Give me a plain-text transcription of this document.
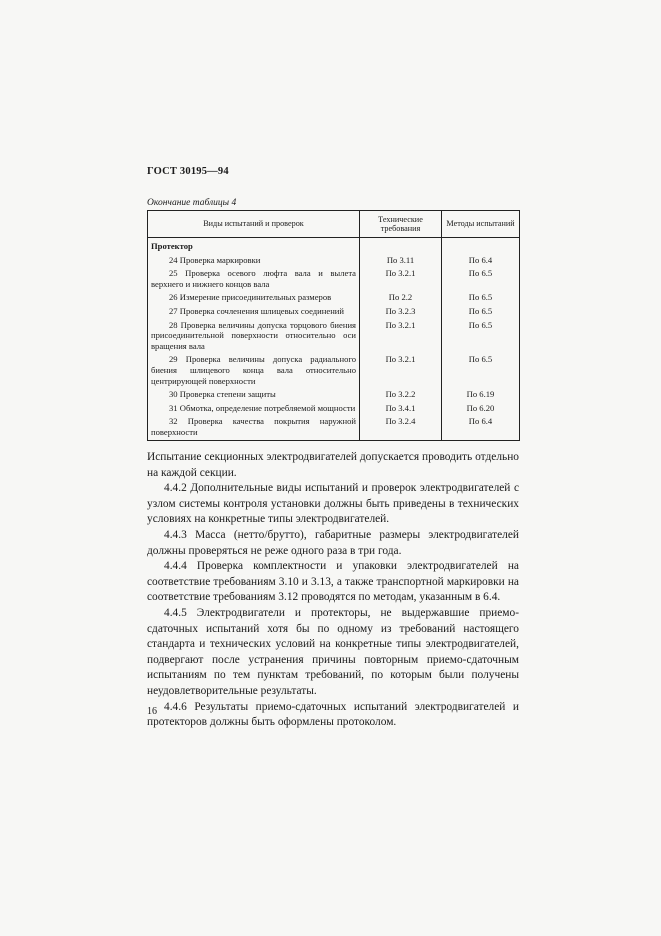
ГОСТ 30195—94
Окончание таблицы 4
Виды испытаний и проверок	Технические требования	Методы испытаний
Протектор		
24 Проверка маркировки	По 3.11	По 6.4
25 Проверка осевого люфта вала и вылета верхнего и нижнего концов вала	По 3.2.1	По 6.5
26 Измерение присоединительных размеров	По 2.2	По 6.5
27 Проверка сочленения шлицевых соединений	По 3.2.3	По 6.5
28 Проверка величины допуска торцового биения присоединительной поверхности относительно оси вращения вала	По 3.2.1	По 6.5
29 Проверка величины допуска радиального биения шлицевого конца вала относительно центрирующей поверхности	По 3.2.1	По 6.5
30 Проверка степени защиты	По 3.2.2	По 6.19
31 Обмотка, определение потребляемой мощности	По 3.4.1	По 6.20
32 Проверка качества покрытия наружной поверхности	По 3.2.4	По 6.4

Испытание секционных электродвигателей допускается проводить отдельно на каждой секции.

4.4.2 Дополнительные виды испытаний и проверок электродвигателей с узлом системы контроля установки должны быть приведены в технических условиях на конкретные типы электродвигателей.

4.4.3 Масса (нетто/брутто), габаритные размеры электродвигателей должны проверяться не реже одного раза в три года.

4.4.4 Проверка комплектности и упаковки электродвигателей на соответствие требованиям 3.10 и 3.13, а также транспортной маркировки на соответствие требованиям 3.12 проводятся по методам, указанным в 6.4.

4.4.5 Электродвигатели и протекторы, не выдержавшие приемо-сдаточных испытаний хотя бы по одному из требований настоящего стандарта и технических условий на конкретные типы электродвигателей, подвергают после устранения причины повторным приемо-сдаточным испытаниям по тем пунктам требований, по которым были получены неудовлетворительные результаты.

4.4.6 Результаты приемо-сдаточных испытаний электродвигателей и протекторов должны быть оформлены протоколом.

16
